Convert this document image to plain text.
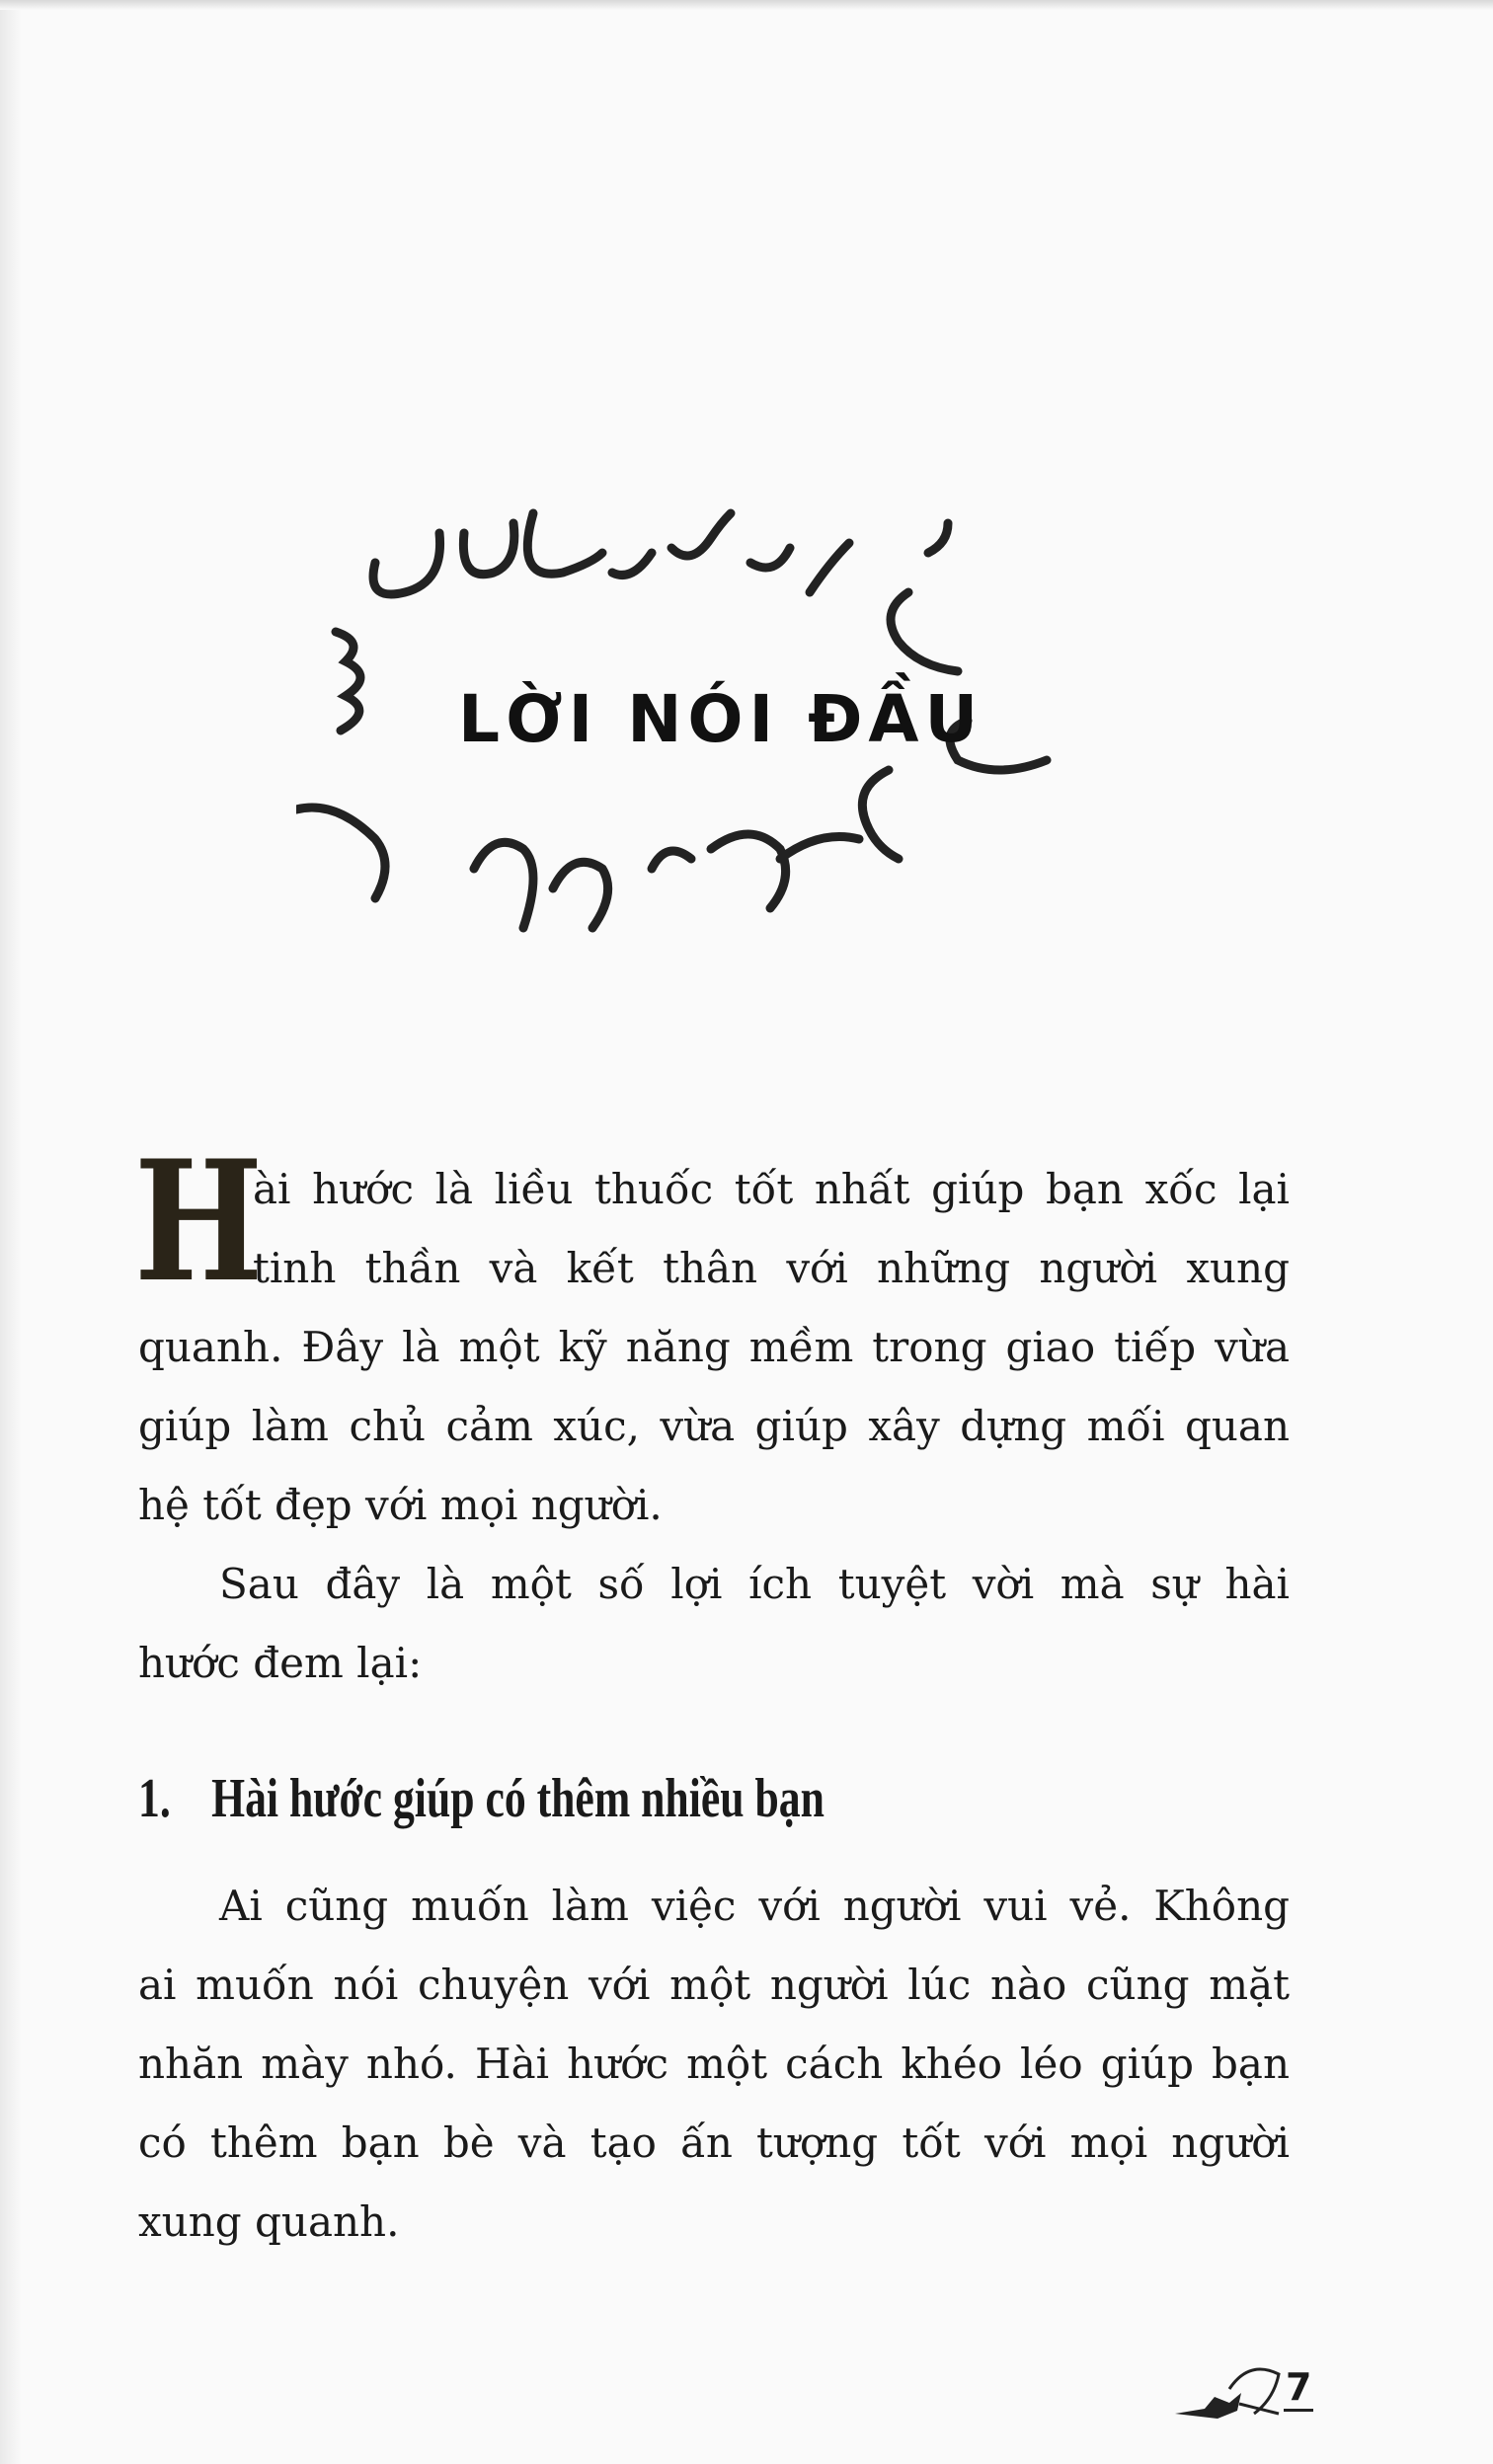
LỜI NÓI ĐẦU
H
ài hước là liều thuốc tốt nhất giúp bạn xốc lại
tinh thần và kết thân với những người xung
quanh. Đây là một kỹ năng mềm trong giao tiếp vừa
giúp làm chủ cảm xúc, vừa giúp xây dựng mối quan
hệ tốt đẹp với mọi người.
Sau đây là một số lợi ích tuyệt vời mà sự hài
hước đem lại:
1. Hài hước giúp có thêm nhiều bạn
Ai cũng muốn làm việc với người vui vẻ. Không
ai muốn nói chuyện với một người lúc nào cũng mặt
nhăn mày nhó. Hài hước một cách khéo léo giúp bạn
có thêm bạn bè và tạo ấn tượng tốt với mọi người
xung quanh.
7
